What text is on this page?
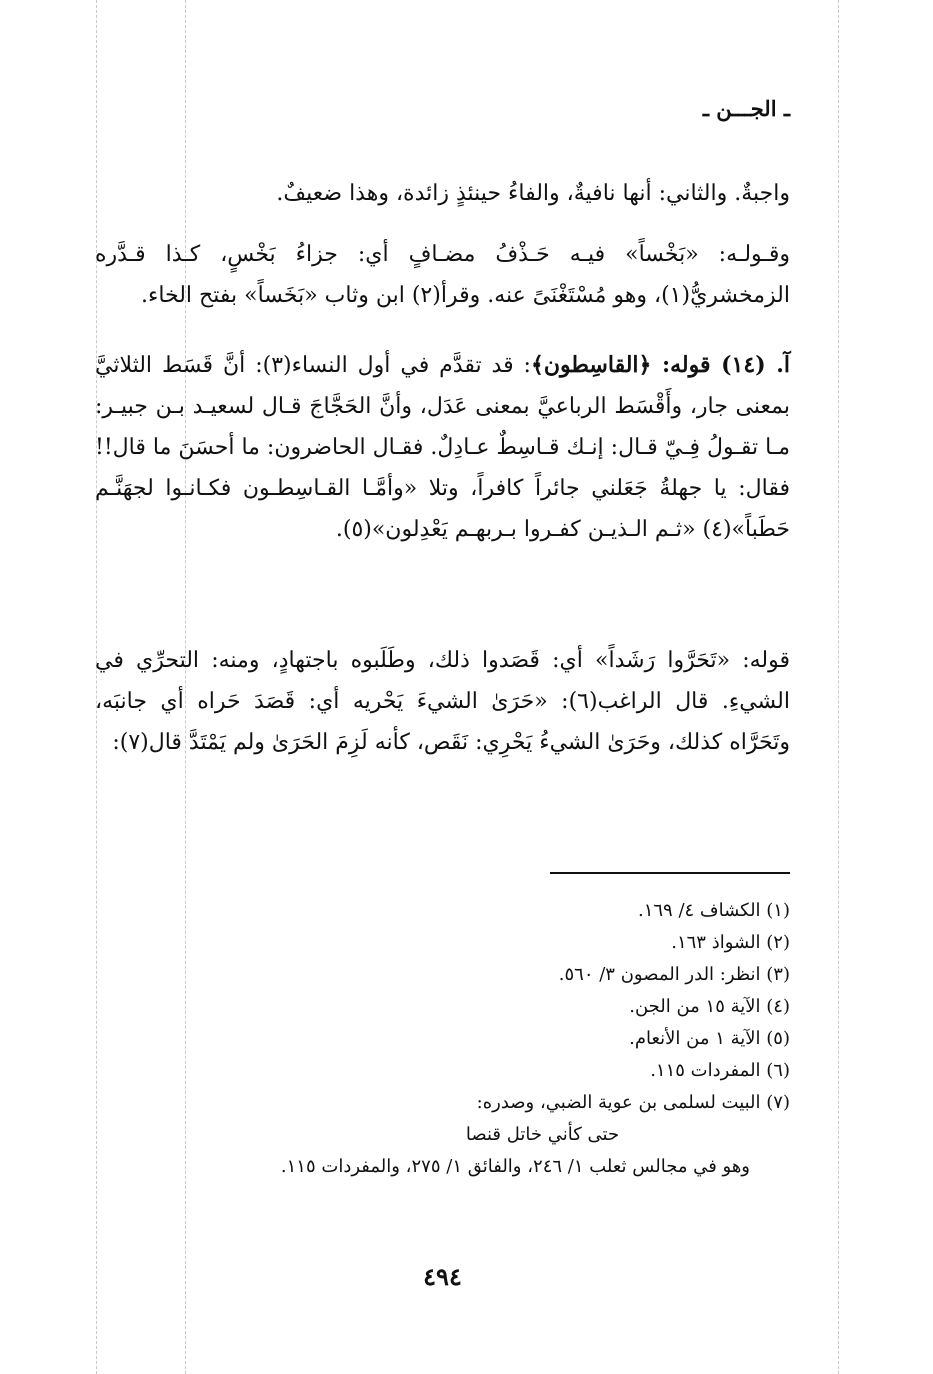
ـ الجـــن ـ
واجبةٌ. والثاني: أنها نافيةٌ، والفاءُ حينئذٍ زائدة، وهذا ضعيفٌ.
وقـولـه: «بَخْساً» فيـه حَـذْفُ مضـافٍ أي: جزاءُ بَخْسٍ، كـذا قـدَّره الزمخشريُّ(١)، وهو مُسْتَغْنَىً عنه. وقرأ(٢) ابن وثاب «بَخَساً» بفتح الخاء.
آ. (١٤) قوله: ﴿القاسِطون﴾: قد تقدَّم في أول النساء(٣): أنَّ قَسَط الثلاثيَّ بمعنى جار، وأَقْسَط الرباعيَّ بمعنى عَدَل، وأنَّ الحَجَّاجَ قـال لسعيـد بـن جبيـر: مـا تقـولُ فِـيّ قـال: إنـك قـاسِطٌ عـادِلٌ. فقـال الحاضرون: ما أحسَنَ ما قال!! فقال: يا جهلةُ جَعَلني جائراً كافراً، وتلا «وأمَّـا القـاسِطـون فكـانـوا لجهَنَّـم حَطَباً»(٤) «ثـم الـذيـن كفـروا بـربهـم يَعْدِلون»(٥).
قوله: «تَحَرَّوا رَشَداً» أي: قَصَدوا ذلك، وطَلَبوه باجتهادٍ، ومنه: التحرِّي في الشيءِ. قال الراغب(٦): «حَرَىٰ الشيءَ يَحْريه أي: قَصَدَ حَراه أي جانبَه، وتَحَرَّاه كذلك، وحَرَىٰ الشيءُ يَحْرِي: نَقَص، كأنه لَزِمَ الحَرَىٰ ولم يَمْتَدَّ قال(٧):
(١) الكشاف ٤/ ١٦٩.
(٢) الشواذ ١٦٣.
(٣) انظر: الدر المصون ٣/ ٥٦٠.
(٤) الآية ١٥ من الجن.
(٥) الآية ١ من الأنعام.
(٦) المفردات ١١٥.
(٧) البيت لسلمى بن عوية الضبي، وصدره:
حتى كأني خاتل قنصا
وهو في مجالس ثعلب ١/ ٢٤٦، والفائق ١/ ٢٧٥، والمفردات ١١٥.
٤٩٤
